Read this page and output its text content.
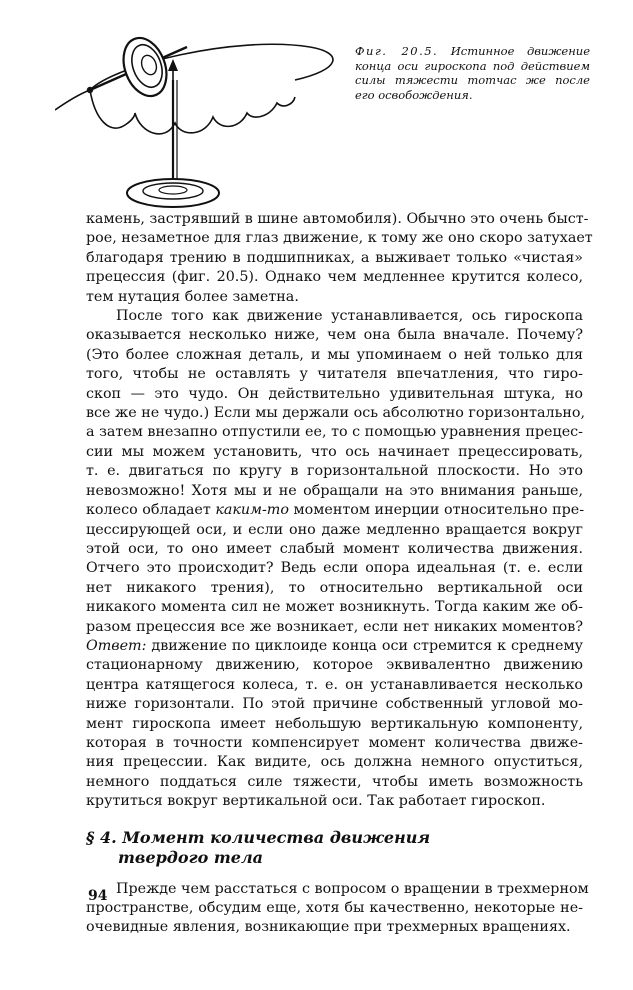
Фиг. 20.5. Истинное движение конца оси гироскопа под действием силы тяжести тотчас же после его освобождения.

камень, застрявший в шине автомобиля). Обычно это очень быст-
рое, незаметное для глаз движение, к тому же оно скоро затухает
благодаря трению в подшипниках, а выживает только «чистая»
прецессия (фиг. 20.5). Однако чем медленнее крутится колесо,
тем нутация более заметна.

После того как движение устанавливается, ось гироскопа
оказывается несколько ниже, чем она была вначале. Почему?
(Это более сложная деталь, и мы упоминаем о ней только для
того, чтобы не оставлять у читателя впечатления, что гиро-
скоп — это чудо. Он действительно удивительная штука, но
все же не чудо.) Если мы держали ось абсолютно горизонтально,
а затем внезапно отпустили ее, то с помощью уравнения прецес-
сии мы можем установить, что ось начинает прецессировать,
т. е. двигаться по кругу в горизонтальной плоскости. Но это
невозможно! Хотя мы и не обращали на это внимания раньше,
колесо обладает каким-то моментом инерции относительно пре-
цессирующей оси, и если оно даже медленно вращается вокруг
этой оси, то оно имеет слабый момент количества движения.
Отчего это происходит? Ведь если опора идеальная (т. е. если
нет никакого трения), то относительно вертикальной оси
никакого момента сил не может возникнуть. Тогда каким же об-
разом прецессия все же возникает, если нет никаких моментов?
Ответ: движение по циклоиде конца оси стремится к среднему
стационарному движению, которое эквивалентно движению
центра катящегося колеса, т. е. он устанавливается несколько
ниже горизонтали. По этой причине собственный угловой мо-
мент гироскопа имеет небольшую вертикальную компоненту,
которая в точности компенсирует момент количества движе-
ния прецессии. Как видите, ось должна немного опуститься,
немного поддаться силе тяжести, чтобы иметь возможность
крутиться вокруг вертикальной оси. Так работает гироскоп.

§ 4. Момент количества движения
твердого тела

Прежде чем расстаться с вопросом о вращении в трехмерном
пространстве, обсудим еще, хотя бы качественно, некоторые не-
очевидные явления, возникающие при трехмерных вращениях.

94
